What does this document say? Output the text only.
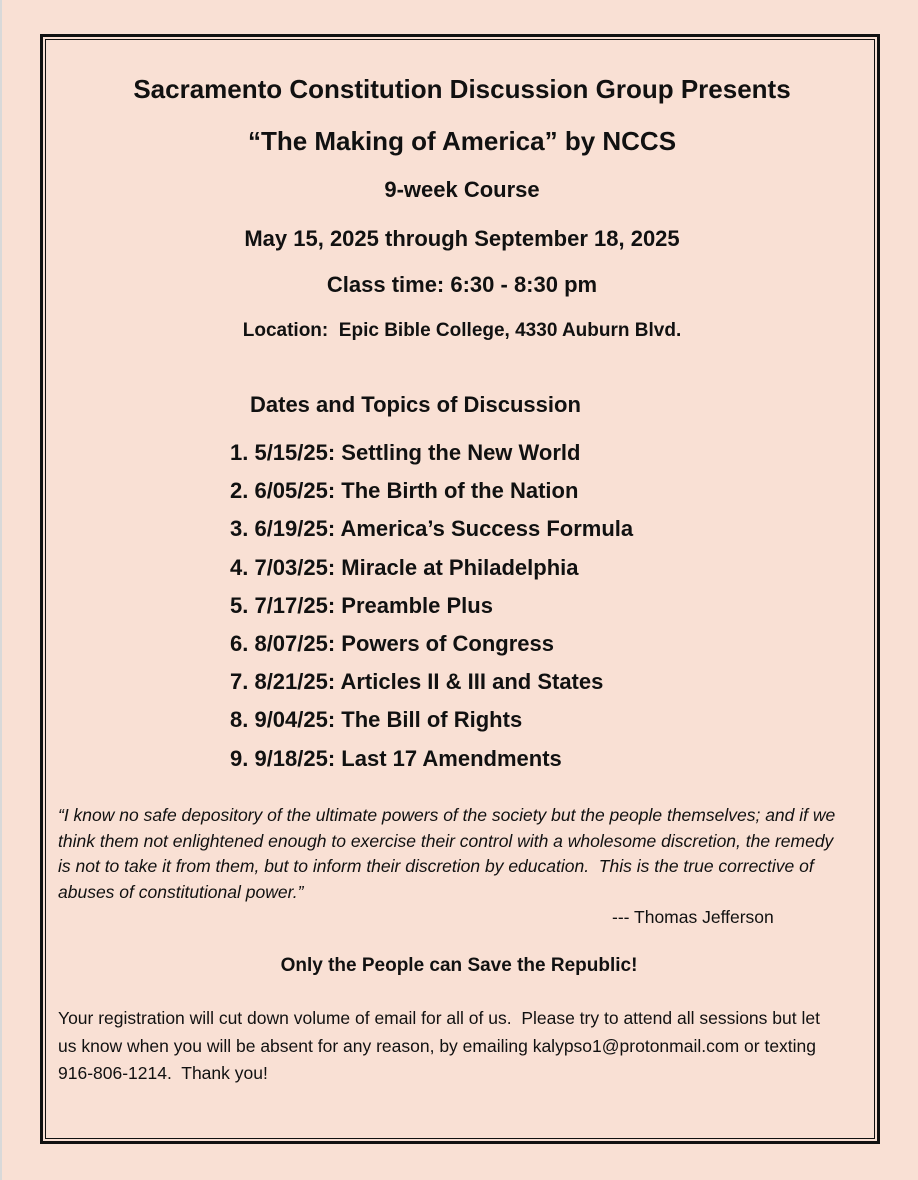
Sacramento Constitution Discussion Group Presents
“The Making of America” by NCCS
9-week Course
May 15, 2025 through September 18, 2025
Class time: 6:30 - 8:30 pm
Location:  Epic Bible College, 4330 Auburn Blvd.
Dates and Topics of Discussion
1. 5/15/25: Settling the New World
2. 6/05/25: The Birth of the Nation
3. 6/19/25: America’s Success Formula
4. 7/03/25: Miracle at Philadelphia
5. 7/17/25: Preamble Plus
6. 8/07/25: Powers of Congress
7. 8/21/25: Articles II & III and States
8. 9/04/25: The Bill of Rights
9. 9/18/25: Last 17 Amendments
“I know no safe depository of the ultimate powers of the society but the people themselves; and if we think them not enlightened enough to exercise their control with a wholesome discretion, the remedy is not to take it from them, but to inform their discretion by education.  This is the true corrective of abuses of constitutional power.”
--- Thomas Jefferson
Only the People can Save the Republic!
Your registration will cut down volume of email for all of us.  Please try to attend all sessions but let us know when you will be absent for any reason, by emailing kalypso1@protonmail.com or texting 916-806-1214.  Thank you!
